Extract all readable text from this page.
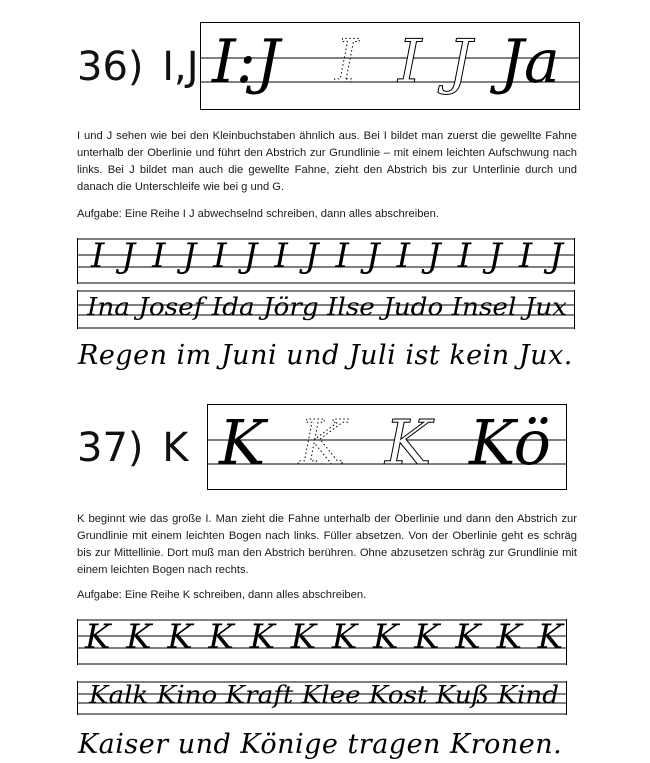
36) I,J I:J I I J Ja
I und J sehen wie bei den Kleinbuchstaben ähnlich aus. Bei I bildet man zuerst die gewellte Fahne unterhalb der Oberlinie und führt den Abstrich zur Grundlinie – mit einem leichten Aufschwung nach links. Bei J bildet man auch die gewellte Fahne, zieht den Abstrich bis zur Unterlinie durch und danach die Unterschleife wie bei g und G.
Aufgabe: Eine Reihe I J abwechselnd schreiben, dann alles abschreiben.
I J I J I J I J I J I J I J I J
Ina Josef Ida Jörg Ilse Judo Insel Jux
Regen im Juni und Juli ist kein Jux.
37) K K K K Kö
K beginnt wie das große I. Man zieht die Fahne unterhalb der Oberlinie und dann den Abstrich zur Grundlinie mit einem leichten Bogen nach links. Füller absetzen. Von der Oberlinie geht es schräg bis zur Mittellinie. Dort muß man den Abstrich berühren. Ohne abzusetzen schräg zur Grundlinie mit einem leichten Bogen nach rechts.
Aufgabe: Eine Reihe K schreiben, dann alles abschreiben.
K K K K K K K K K K K K
Kalk Kino Kraft Klee Kost Kuß Kind
Kaiser und Könige tragen Kronen.
